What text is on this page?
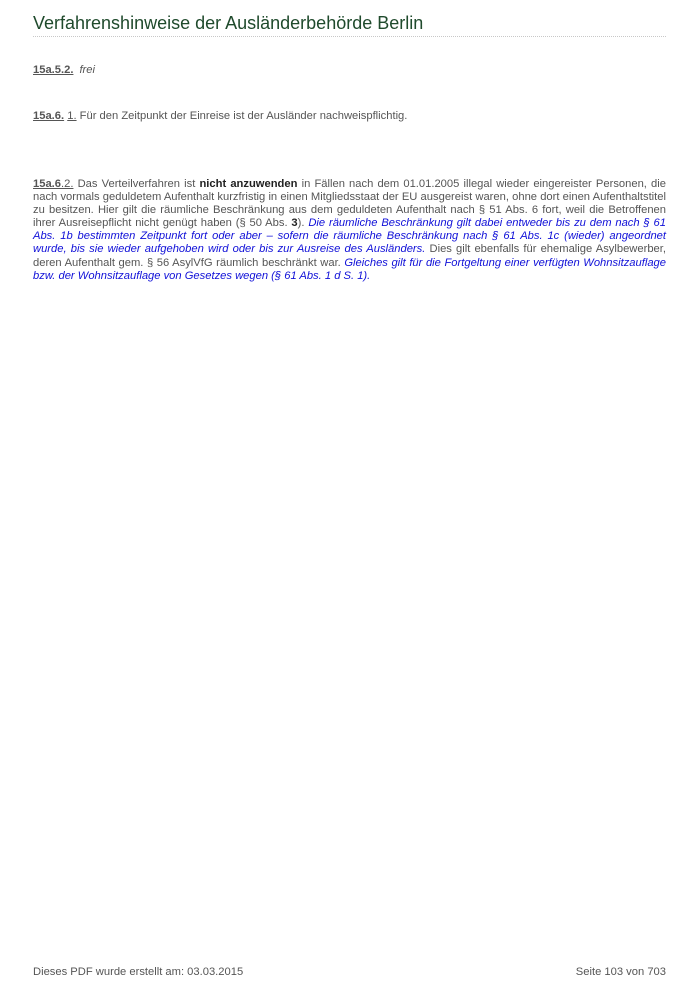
Verfahrenshinweise der Ausländerbehörde Berlin
15a.5.2. frei
15a.6. 1. Für den Zeitpunkt der Einreise ist der Ausländer nachweispflichtig.
15a.6.2. Das Verteilverfahren ist nicht anzuwenden in Fällen nach dem 01.01.2005 illegal wieder eingereister Personen, die nach vormals geduldetem Aufenthalt kurzfristig in einen Mitgliedsstaat der EU ausgereist waren, ohne dort einen Aufenthaltstitel zu besitzen. Hier gilt die räumliche Beschränkung aus dem geduldeten Aufenthalt nach § 51 Abs. 6 fort, weil die Betroffenen ihrer Ausreisepflicht nicht genügt haben (§ 50 Abs. 3). Die räumliche Beschränkung gilt dabei entweder bis zu dem nach § 61 Abs. 1b bestimmten Zeitpunkt fort oder aber – sofern die räumliche Beschränkung nach § 61 Abs. 1c (wieder) angeordnet wurde, bis sie wieder aufgehoben wird oder bis zur Ausreise des Ausländers. Dies gilt ebenfalls für ehemalige Asylbewerber, deren Aufenthalt gem. § 56 AsylVfG räumlich beschränkt war. Gleiches gilt für die Fortgeltung einer verfügten Wohnsitzauflage bzw. der Wohnsitzauflage von Gesetzes wegen (§ 61 Abs. 1 d S. 1).
Dieses PDF wurde erstellt am: 03.03.2015	Seite 103 von 703
